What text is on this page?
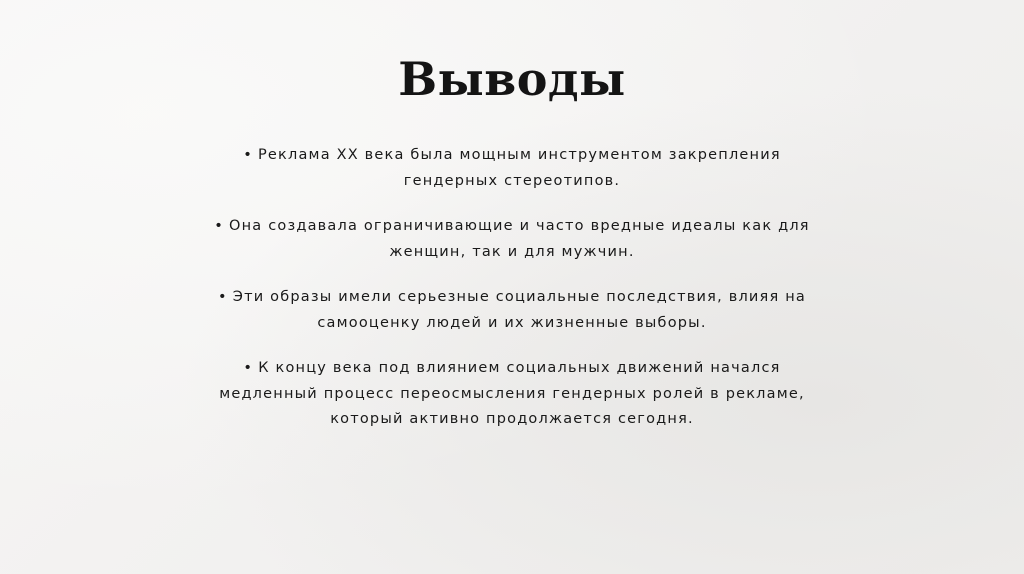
Выводы
• Реклама XX века была мощным инструментом закрепления гендерных стереотипов.
• Она создавала ограничивающие и часто вредные идеалы как для женщин, так и для мужчин.
• Эти образы имели серьезные социальные последствия, влияя на самооценку людей и их жизненные выборы.
• К концу века под влиянием социальных движений начался медленный процесс переосмысления гендерных ролей в рекламе, который активно продолжается сегодня.
